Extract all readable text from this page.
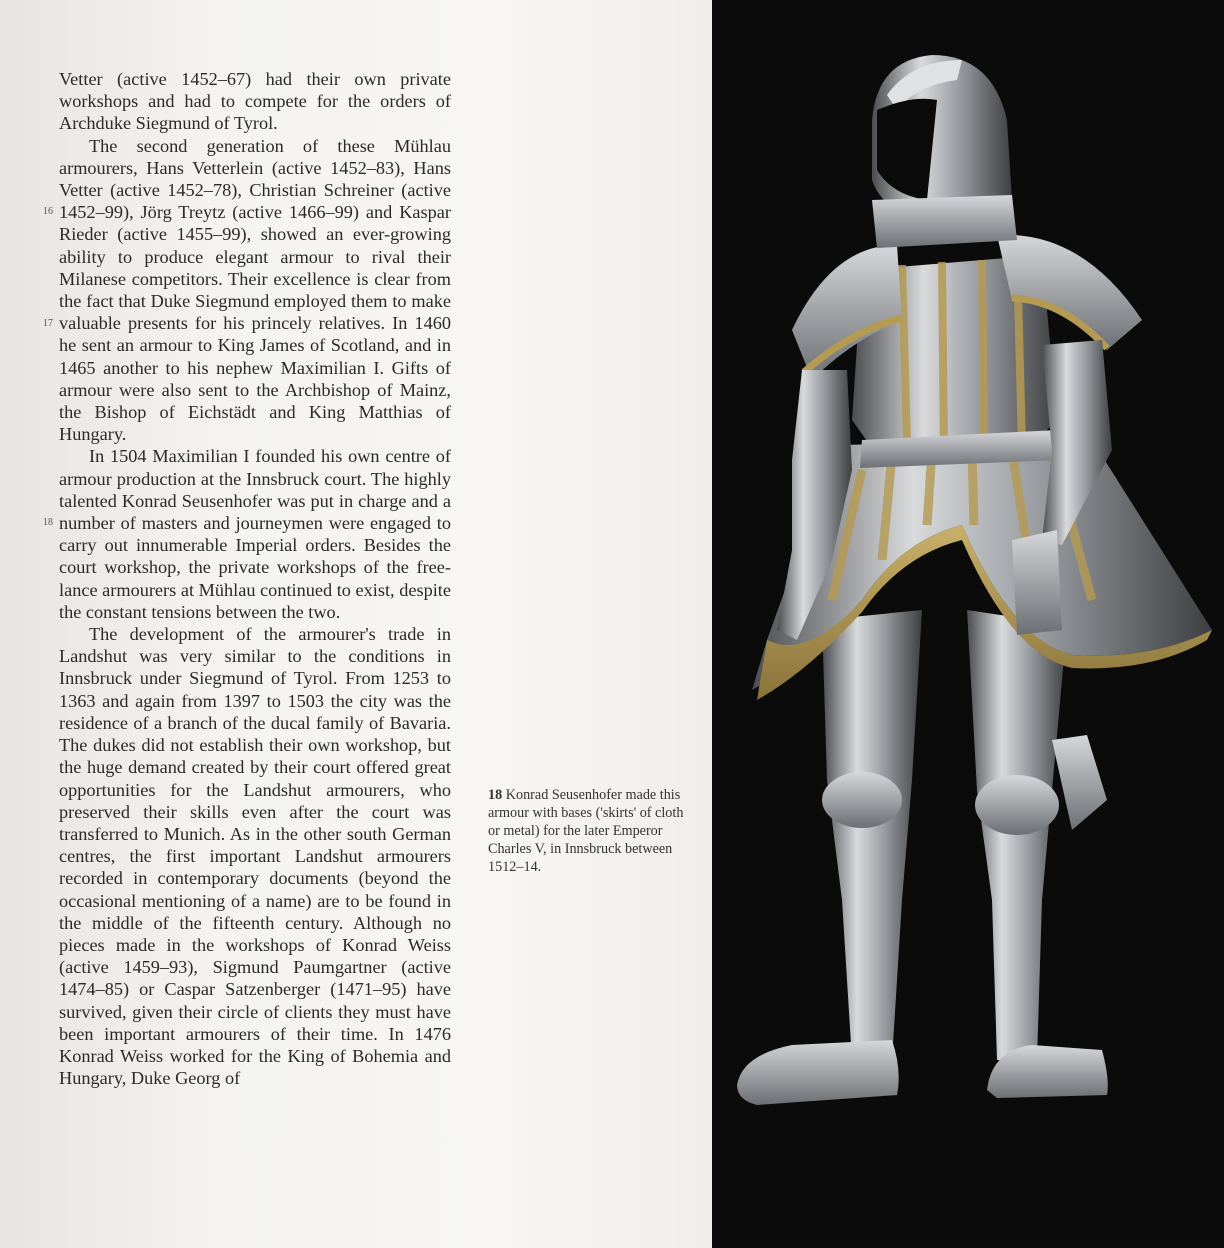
Vetter (active 1452–67) had their own private workshops and had to compete for the orders of Archduke Siegmund of Tyrol.

The second generation of these Mühlau armourers, Hans Vetterlein (active 1452–83), Hans Vetter (active 1452–78), Christian Schreiner (active 1452–99), Jörg Treytz (active 1466–99) and Kaspar Rieder (active 1455–99), showed an ever-growing ability to produce elegant armour to rival their Milanese competitors. Their excellence is clear from the fact that Duke Siegmund employed them to make valuable presents for his princely relatives. In 1460 he sent an armour to King James of Scotland, and in 1465 another to his nephew Maximilian I. Gifts of armour were also sent to the Archbishop of Mainz, the Bishop of Eichstädt and King Matthias of Hungary.

In 1504 Maximilian I founded his own centre of armour production at the Innsbruck court. The highly talented Konrad Seusenhofer was put in charge and a number of masters and journeymen were engaged to carry out innumerable Imperial orders. Besides the court workshop, the private workshops of the free-lance armourers at Mühlau continued to exist, despite the constant tensions between the two.

The development of the armourer's trade in Landshut was very similar to the conditions in Innsbruck under Siegmund of Tyrol. From 1253 to 1363 and again from 1397 to 1503 the city was the residence of a branch of the ducal family of Bavaria. The dukes did not establish their own workshop, but the huge demand created by their court offered great opportunities for the Landshut armourers, who preserved their skills even after the court was transferred to Munich. As in the other south German centres, the first important Landshut armourers recorded in contemporary documents (beyond the occasional mentioning of a name) are to be found in the middle of the fifteenth century. Although no pieces made in the workshops of Konrad Weiss (active 1459–93), Sigmund Paumgartner (active 1474–85) or Caspar Satzenberger (1471–95) have survived, given their circle of clients they must have been important armourers of their time. In 1476 Konrad Weiss worked for the King of Bohemia and Hungary, Duke Georg of

16
17
18
18 Konrad Seusenhofer made this armour with bases ('skirts' of cloth or metal) for the later Emperor Charles V, in Innsbruck between 1512–14.
